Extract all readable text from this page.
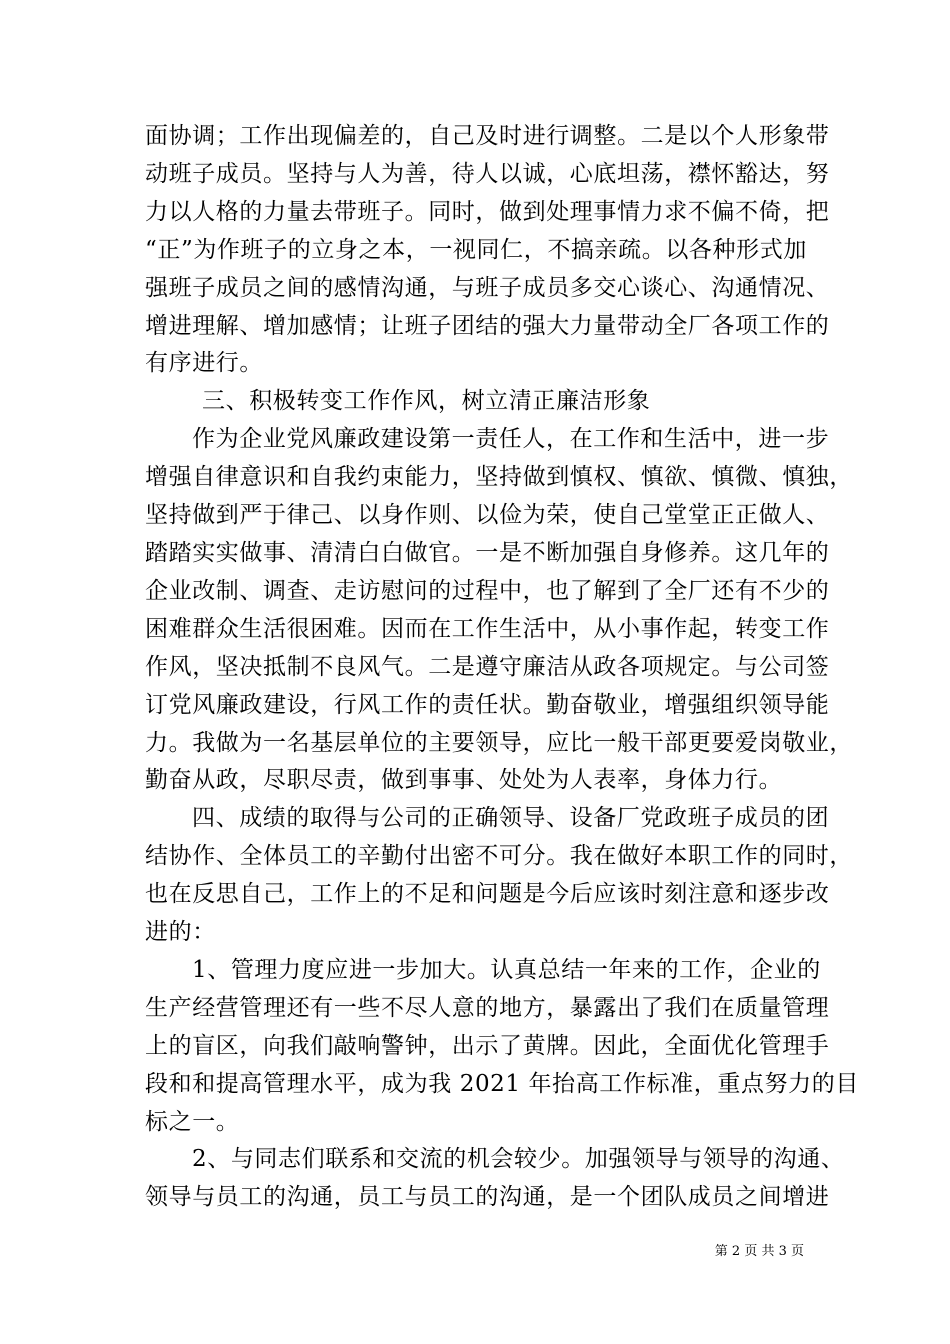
面协调；工作出现偏差的，自己及时进行调整。二是以个人形象带
动班子成员。坚持与人为善，待人以诚，心底坦荡，襟怀豁达，努
力以人格的力量去带班子。同时，做到处理事情力求不偏不倚，把
“正”为作班子的立身之本，一视同仁，不搞亲疏。以各种形式加
强班子成员之间的感情沟通，与班子成员多交心谈心、沟通情况、
增进理解、增加感情；让班子团结的强大力量带动全厂各项工作的
有序进行。
三、积极转变工作作风，树立清正廉洁形象
作为企业党风廉政建设第一责任人，在工作和生活中，进一步
增强自律意识和自我约束能力，坚持做到慎权、慎欲、慎微、慎独，
坚持做到严于律己、以身作则、以俭为荣，使自己堂堂正正做人、
踏踏实实做事、清清白白做官。一是不断加强自身修养。这几年的
企业改制、调查、走访慰问的过程中，也了解到了全厂还有不少的
困难群众生活很困难。因而在工作生活中，从小事作起，转变工作
作风，坚决抵制不良风气。二是遵守廉洁从政各项规定。与公司签
订党风廉政建设，行风工作的责任状。勤奋敬业，增强组织领导能
力。我做为一名基层单位的主要领导，应比一般干部更要爱岗敬业，
勤奋从政，尽职尽责，做到事事、处处为人表率，身体力行。
四、成绩的取得与公司的正确领导、设备厂党政班子成员的团
结协作、全体员工的辛勤付出密不可分。我在做好本职工作的同时，
也在反思自己，工作上的不足和问题是今后应该时刻注意和逐步改
进的：
1、管理力度应进一步加大。认真总结一年来的工作，企业的
生产经营管理还有一些不尽人意的地方，暴露出了我们在质量管理
上的盲区，向我们敲响警钟，出示了黄牌。因此，全面优化管理手
段和和提高管理水平，成为我 2021 年抬高工作标准，重点努力的目
标之一。
2、与同志们联系和交流的机会较少。加强领导与领导的沟通、
领导与员工的沟通，员工与员工的沟通，是一个团队成员之间增进
第 2 页 共 3 页
